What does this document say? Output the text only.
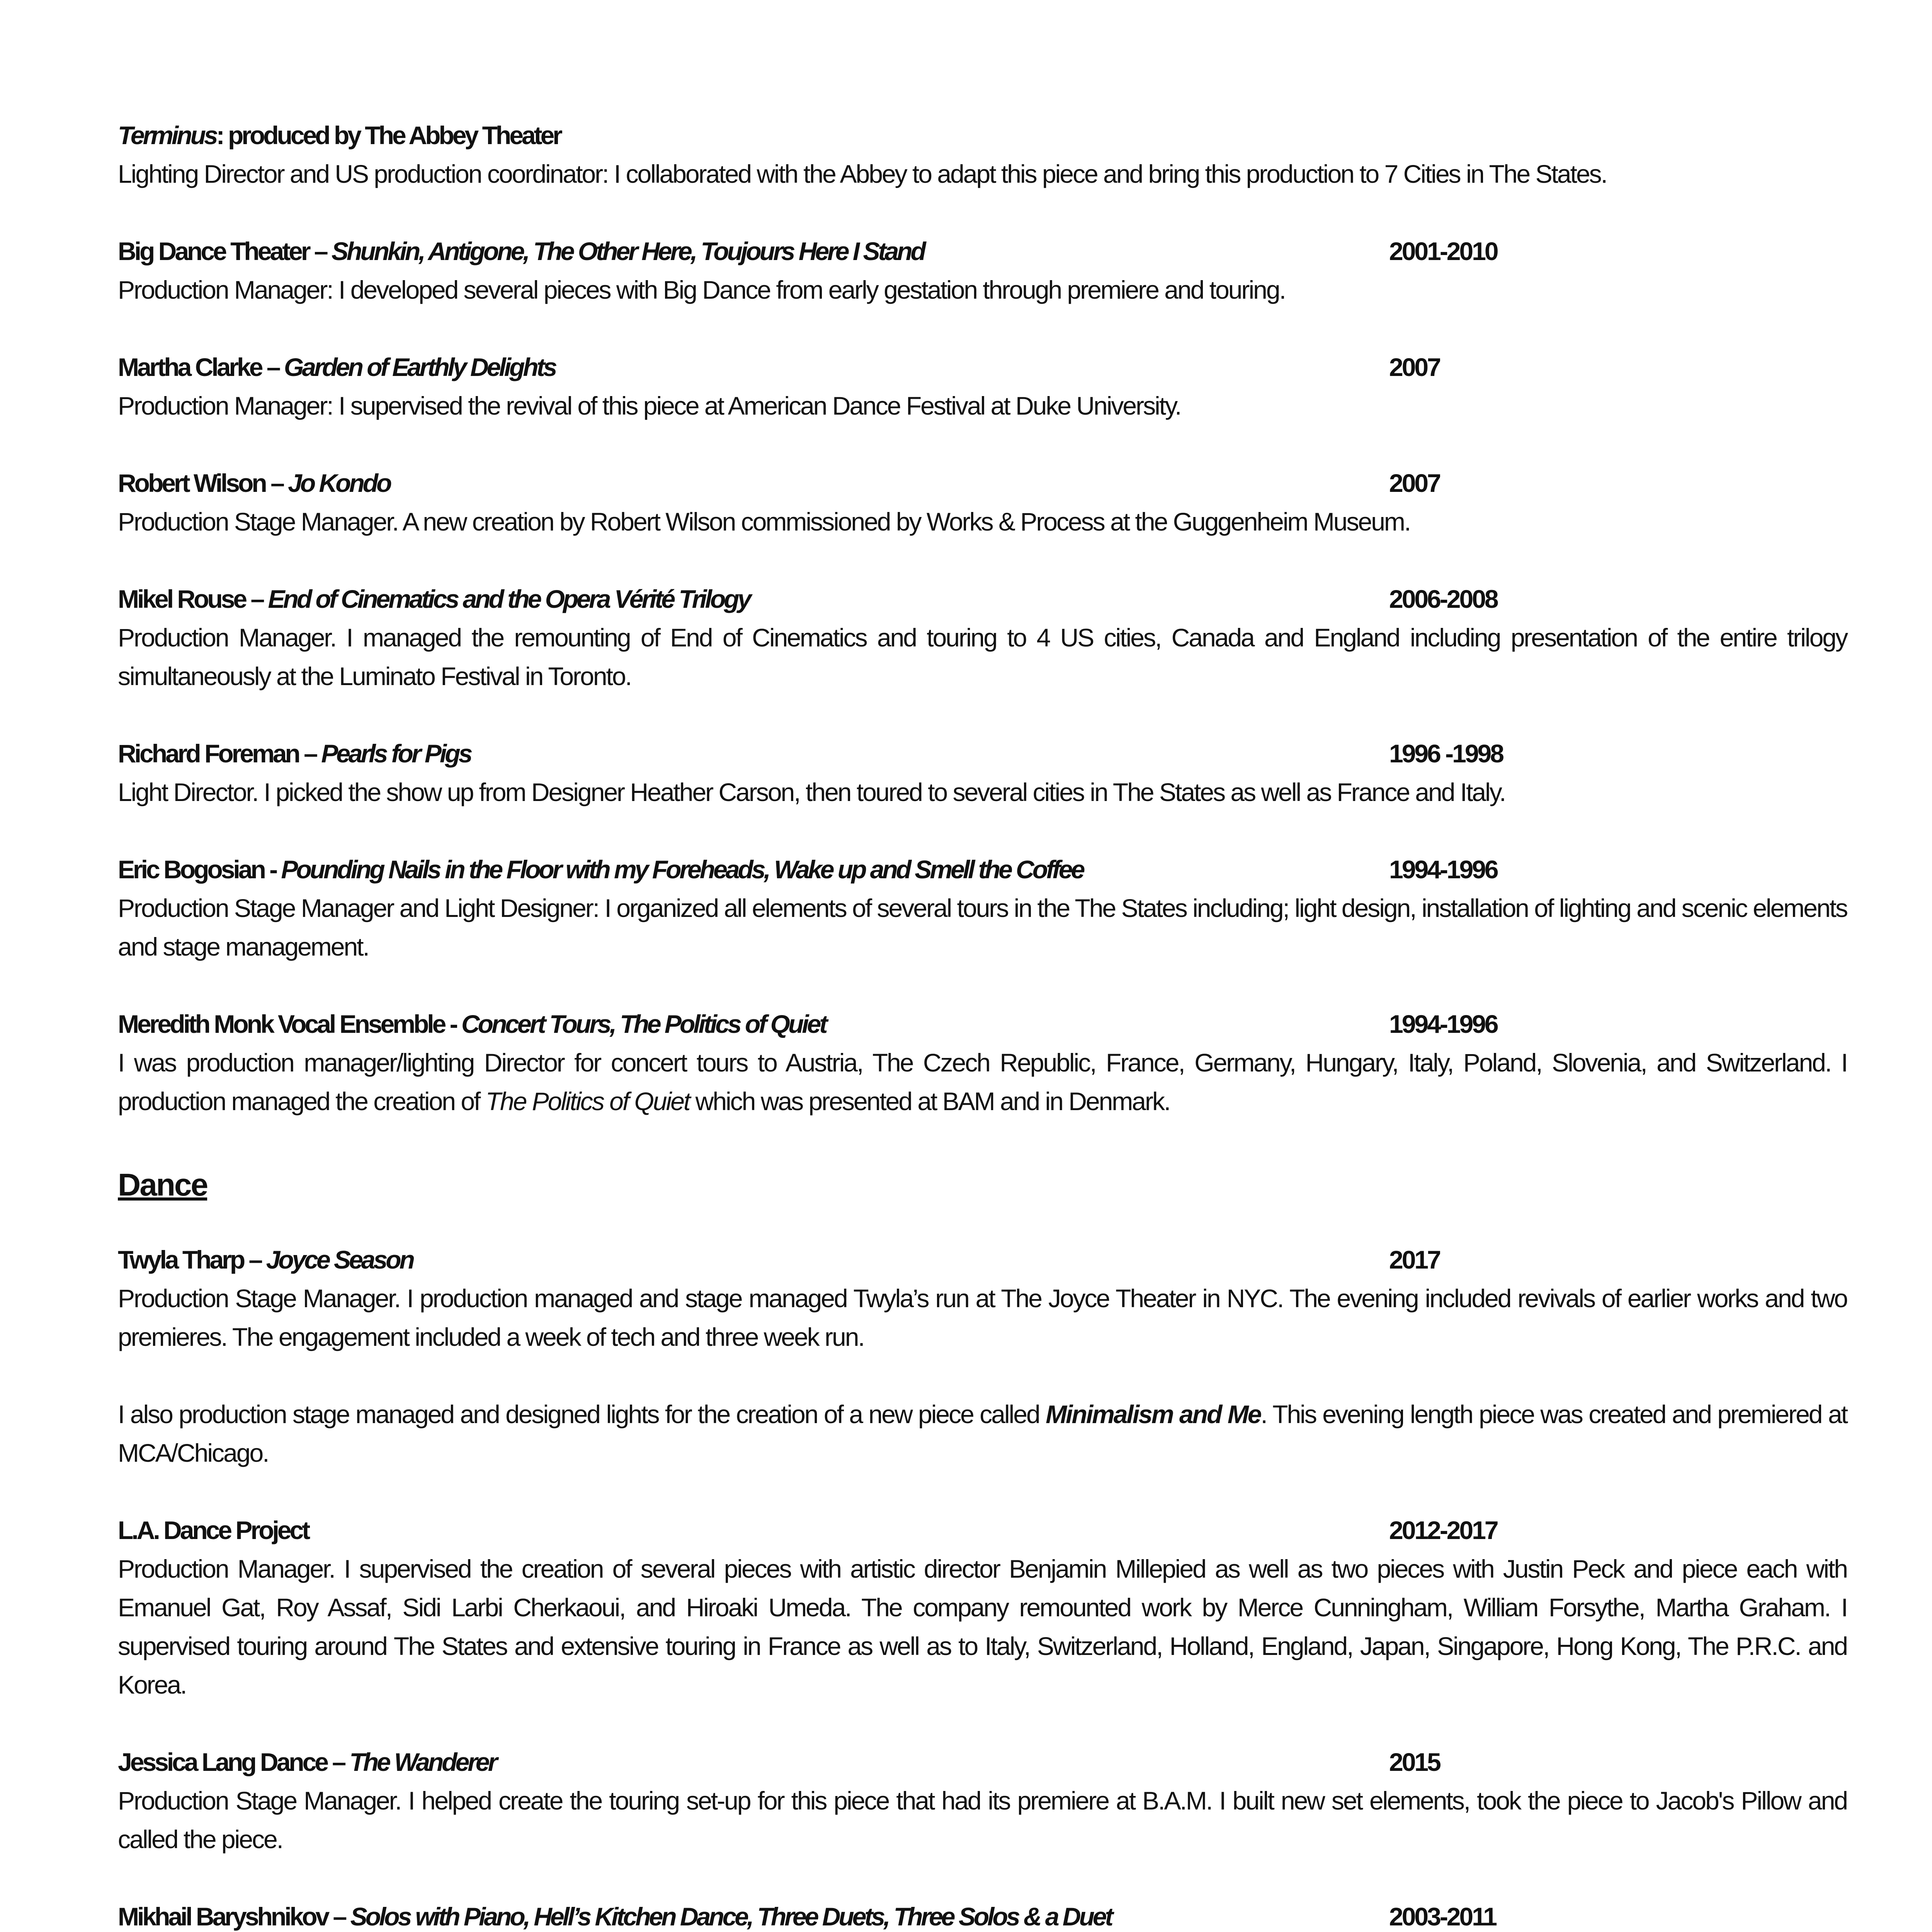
Terminus: produced by The Abbey Theater
Lighting Director and US production coordinator: I collaborated with the Abbey to adapt this piece and bring this production to 7 Cities in The States.
Big Dance Theater – Shunkin, Antigone, The Other Here, Toujours Here I Stand	2001-2010
Production Manager: I developed several pieces with Big Dance from early gestation through premiere and touring.
Martha Clarke – Garden of Earthly Delights	2007
Production Manager: I supervised the revival of this piece at American Dance Festival at Duke University.
Robert Wilson – Jo Kondo	2007
Production Stage Manager. A new creation by Robert Wilson commissioned by Works & Process at the Guggenheim Museum.
Mikel Rouse – End of Cinematics and the Opera Vérité Trilogy	2006-2008
Production Manager. I managed the remounting of End of Cinematics and touring to 4 US cities, Canada and England including presentation of the entire trilogy simultaneously at the Luminato Festival in Toronto.
Richard Foreman – Pearls for Pigs	1996 -1998
Light Director. I picked the show up from Designer Heather Carson, then toured to several cities in The States as well as France and Italy.
Eric Bogosian - Pounding Nails in the Floor with my Foreheads, Wake up and Smell the Coffee	1994-1996
Production Stage Manager and Light Designer: I organized all elements of several tours in the The States including; light design, installation of lighting and scenic elements and stage management.
Meredith Monk Vocal Ensemble - Concert Tours, The Politics of Quiet	1994-1996
I was production manager/lighting Director for concert tours to Austria, The Czech Republic, France, Germany, Hungary, Italy, Poland, Slovenia, and Switzerland. I production managed the creation of The Politics of Quiet which was presented at BAM and in Denmark.
Dance
Twyla Tharp – Joyce Season	2017
Production Stage Manager. I production managed and stage managed Twyla’s run at The Joyce Theater in NYC. The evening included revivals of earlier works and two premieres. The engagement included a week of tech and three week run.
I also production stage managed and designed lights for the creation of a new piece called Minimalism and Me. This evening length piece was created and premiered at MCA/Chicago.
L.A. Dance Project	2012-2017
Production Manager. I supervised the creation of several pieces with artistic director Benjamin Millepied as well as two pieces with Justin Peck and piece each with Emanuel Gat, Roy Assaf, Sidi Larbi Cherkaoui, and Hiroaki Umeda. The company remounted work by Merce Cunningham, William Forsythe, Martha Graham. I supervised touring around The States and extensive touring in France as well as to Italy, Switzerland, Holland, England, Japan, Singapore, Hong Kong, The P.R.C. and Korea.
Jessica Lang Dance – The Wanderer	2015
Production Stage Manager. I helped create the touring set-up for this piece that had its premiere at B.A.M. I built new set elements, took the piece to Jacob's Pillow and called the piece.
Mikhail Baryshnikov – Solos with Piano, Hell’s Kitchen Dance, Three Duets, Three Solos & a Duet	2003-2011
